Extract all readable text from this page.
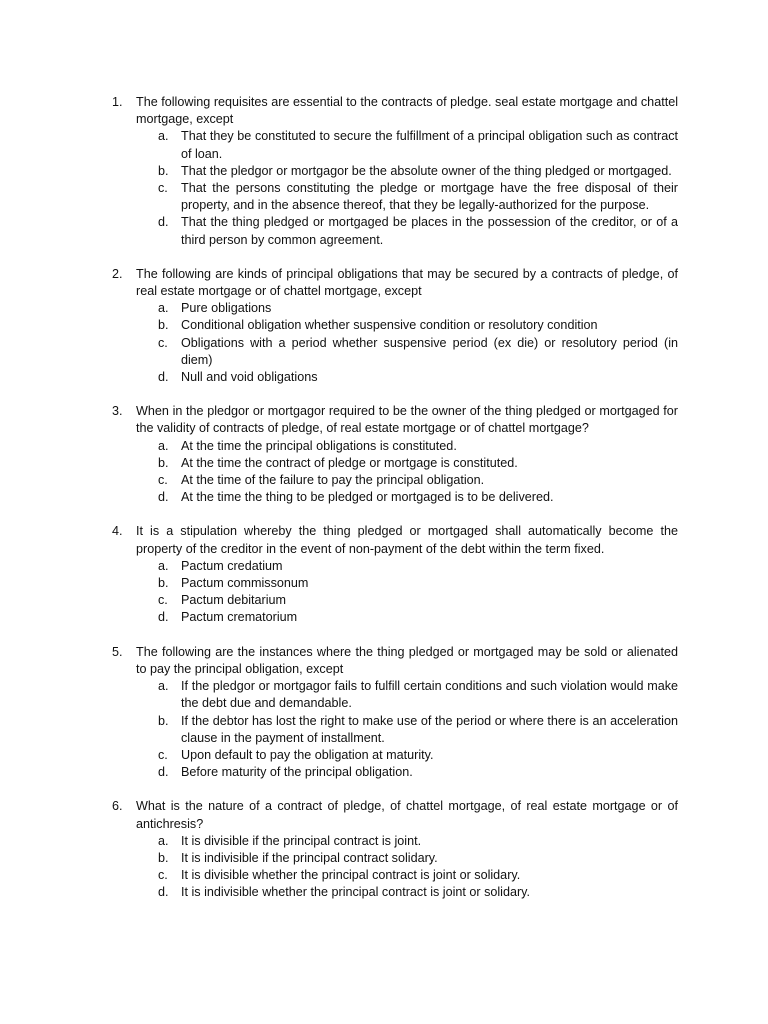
1.	The following requisites are essential to the contracts of pledge. seal estate mortgage and chattel mortgage, except
a. That they be constituted to secure the fulfillment of a principal obligation such as contract of loan.
b. That the pledgor or mortgagor be the absolute owner of the thing pledged or mortgaged.
c. That the persons constituting the pledge or mortgage have the free disposal of their property, and in the absence thereof, that they be legally-authorized for the purpose.
d. That the thing pledged or mortgaged be places in the possession of the creditor, or of a third person by common agreement.
2.	The following are kinds of principal obligations that may be secured by a contracts of pledge, of real estate mortgage or of chattel mortgage, except
a. Pure obligations
b. Conditional obligation whether suspensive condition or resolutory condition
c. Obligations with a period whether suspensive period (ex die) or resolutory period (in diem)
d. Null and void obligations
3.	When in the pledgor or mortgagor required to be the owner of the thing pledged or mortgaged for the validity of contracts of pledge, of real estate mortgage or of chattel mortgage?
a. At the time the principal obligations is constituted.
b. At the time the contract of pledge or mortgage is constituted.
c. At the time of the failure to pay the principal obligation.
d. At the time the thing to be pledged or mortgaged is to be delivered.
4.	It is a stipulation whereby the thing pledged or mortgaged shall automatically become the property of the creditor in the event of non-payment of the debt within the term fixed.
a. Pactum credatium
b. Pactum commissonum
c. Pactum debitarium
d. Pactum crematorium
5.	The following are the instances where the thing pledged or mortgaged may be sold or alienated to pay the principal obligation, except
a. If the pledgor or mortgagor fails to fulfill certain conditions and such violation would make the debt due and demandable.
b. If the debtor has lost the right to make use of the period or where there is an acceleration clause in the payment of installment.
c. Upon default to pay the obligation at maturity.
d. Before maturity of the principal obligation.
6.	What is the nature of a contract of pledge, of chattel mortgage, of real estate mortgage or of antichresis?
a. It is divisible if the principal contract is joint.
b. It is indivisible if the principal contract solidary.
c. It is divisible whether the principal contract is joint or solidary.
d. It is indivisible whether the principal contract is joint or solidary.
